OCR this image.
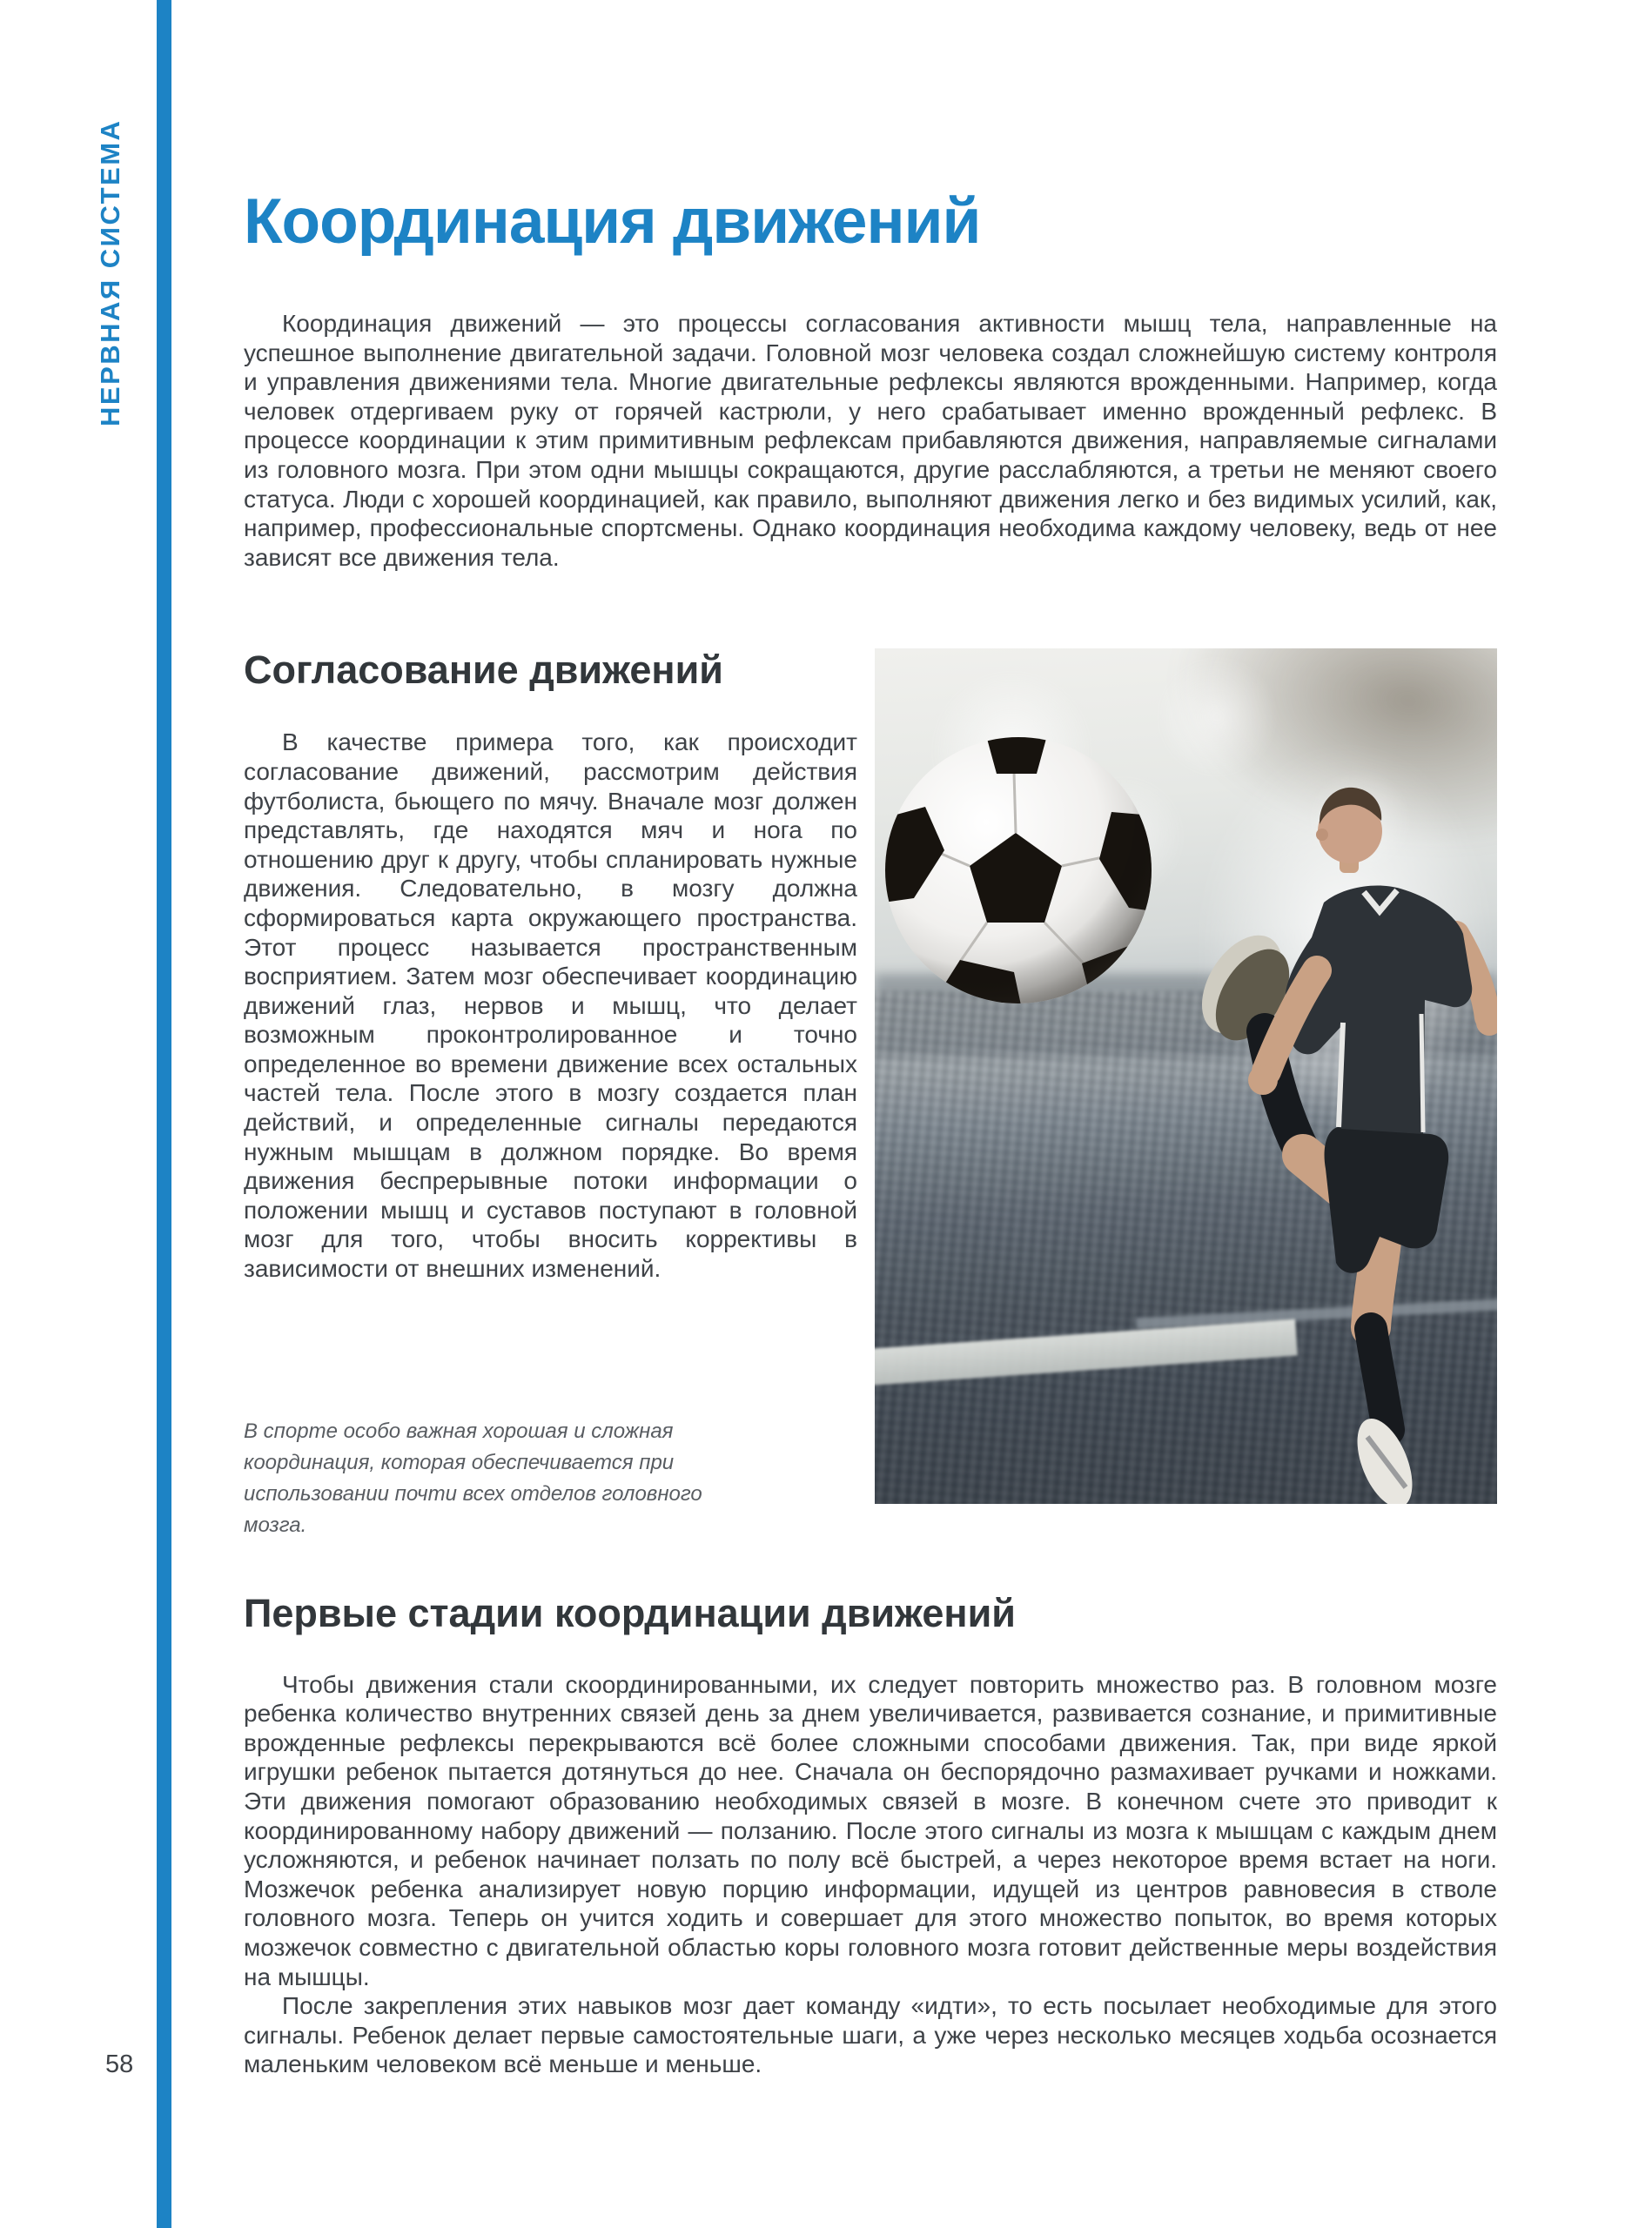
НЕРВНАЯ СИСТЕМА Координация движений

Координация движений — это процессы согласования активности мышц тела, направленные на успешное выполнение двигательной задачи. Головной мозг человека создал сложнейшую систему контроля и управления движениями тела. Многие двигательные рефлексы являются врожденными. Например, когда человек отдергиваем руку от горячей кастрюли, у него срабатывает именно врожденный рефлекс. В процессе координации к этим примитивным рефлексам прибавляются движения, направляемые сигналами из головного мозга. При этом одни мышцы сокращаются, другие расслабляются, а третьи не меняют своего статуса. Люди с хорошей координацией, как правило, выполняют движения легко и без видимых усилий, как, например, профессиональные спортсмены. Однако координация необходима каждому человеку, ведь от нее зависят все движения тела.

Согласование движений

В качестве примера того, как происходит согласование движений, рассмотрим действия футболиста, бьющего по мячу. Вначале мозг должен представлять, где находятся мяч и нога по отношению друг к другу, чтобы спланировать нужные движения. Следовательно, в мозгу должна сформироваться карта окружающего пространства. Этот процесс называется пространственным восприятием. Затем мозг обеспечивает координацию движений глаз, нервов и мышц, что делает возможным проконтролированное и точно определенное во времени движение всех остальных частей тела. После этого в мозгу создается план действий, и определенные сигналы передаются нужным мышцам в должном порядке. Во время движения беспрерывные потоки информации о положении мышц и суставов поступают в головной мозг для того, чтобы вносить коррективы в зависимости от внешних изменений.

В спорте особо важная хорошая и сложная координация, которая обеспечивается при использовании почти всех отделов головного мозга.

Первые стадии координации движений

Чтобы движения стали скоординированными, их следует повторить множество раз. В головном мозге ребенка количество внутренних связей день за днем увеличивается, развивается сознание, и примитивные врожденные рефлексы перекрываются всё более сложными способами движения. Так, при виде яркой игрушки ребенок пытается дотянуться до нее. Сначала он беспорядочно размахивает ручками и ножками. Эти движения помогают образованию необходимых связей в мозге. В конечном счете это приводит к координированному набору движений — ползанию. После этого сигналы из мозга к мышцам с каждым днем усложняются, и ребенок начинает ползать по полу всё быстрей, а через некоторое время встает на ноги. Мозжечок ребенка анализирует новую порцию информации, идущей из центров равновесия в стволе головного мозга. Теперь он учится ходить и совершает для этого множество попыток, во время которых мозжечок совместно с двигательной областью коры головного мозга готовит действенные меры воздействия на мышцы.

После закрепления этих навыков мозг дает команду «идти», то есть посылает необходимые для этого сигналы. Ребенок делает первые самостоятельные шаги, а уже через несколько месяцев ходьба осознается маленьким человеком всё меньше и меньше.

58
